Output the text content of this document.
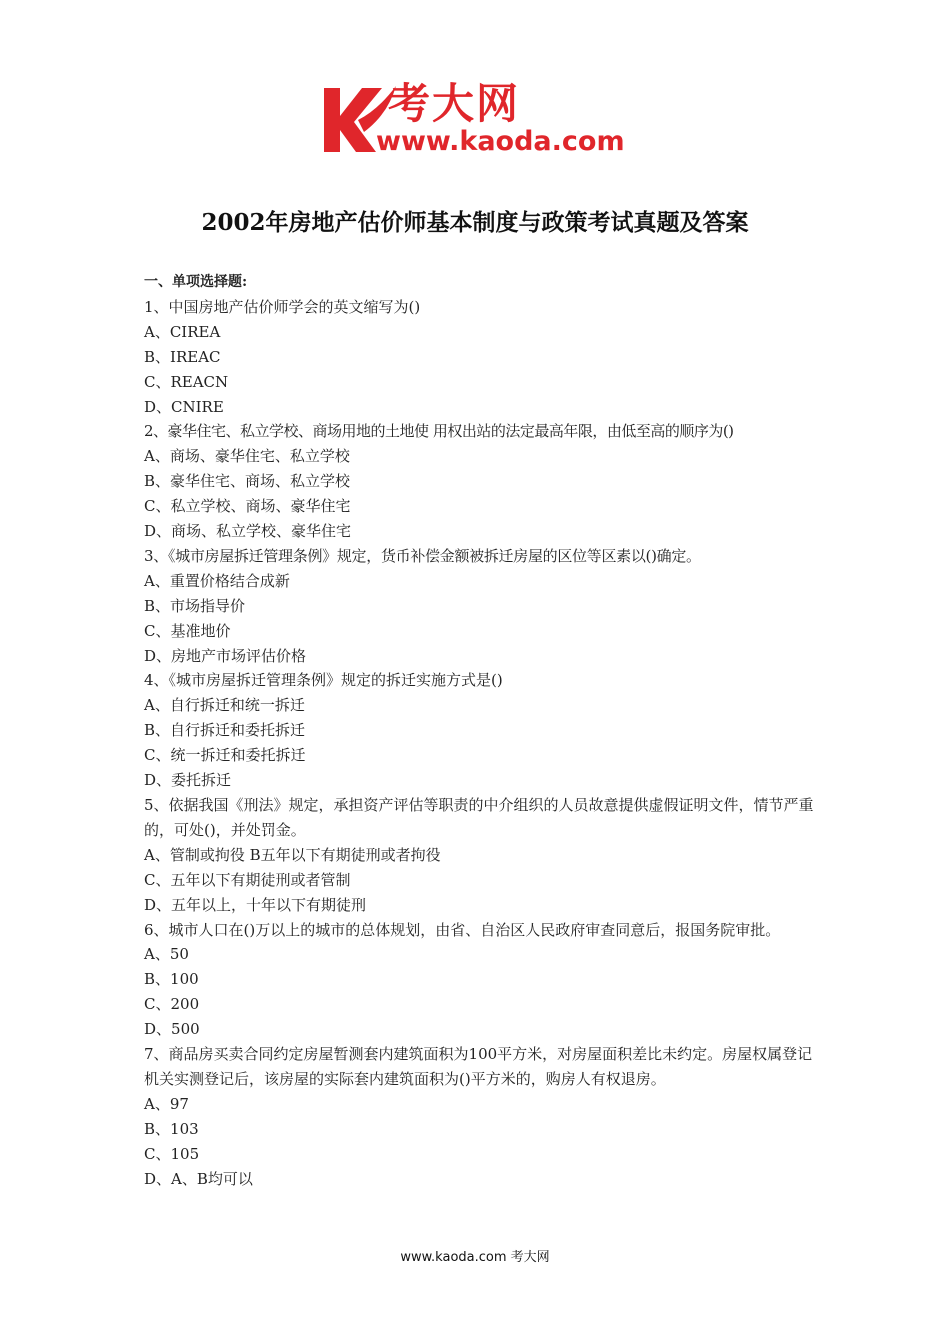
考大网
www.kaoda.com
2002年房地产估价师基本制度与政策考试真题及答案
一、单项选择题:
1、中国房地产估价师学会的英文缩写为()
A、CIREA
B、IREAC
C、REACN
D、CNIRE
2、豪华住宅、私立学校、商场用地的土地使 用权出站的法定最高年限，由低至高的顺序为()
A、商场、豪华住宅、私立学校
B、豪华住宅、商场、私立学校
C、私立学校、商场、豪华住宅
D、商场、私立学校、豪华住宅
3、《城市房屋拆迁管理条例》规定，货币补偿金额被拆迁房屋的区位等区素以()确定。
A、重置价格结合成新
B、市场指导价
C、基准地价
D、房地产市场评估价格
4、《城市房屋拆迁管理条例》规定的拆迁实施方式是()
A、自行拆迁和统一拆迁
B、自行拆迁和委托拆迁
C、统一拆迁和委托拆迁
D、委托拆迁
5、依据我国《刑法》规定，承担资产评估等职责的中介组织的人员故意提供虚假证明文件，情节严重的，可处()，并处罚金。
A、管制或拘役 B五年以下有期徒刑或者拘役
C、五年以下有期徒刑或者管制
D、五年以上，十年以下有期徒刑
6、城市人口在()万以上的城市的总体规划，由省、自治区人民政府审查同意后，报国务院审批。
A、50
B、100
C、200
D、500
7、商品房买卖合同约定房屋暂测套内建筑面积为100平方米，对房屋面积差比未约定。房屋权属登记机关实测登记后，该房屋的实际套内建筑面积为()平方米的，购房人有权退房。
A、97
B、103
C、105
D、A、B均可以
www.kaoda.com 考大网
